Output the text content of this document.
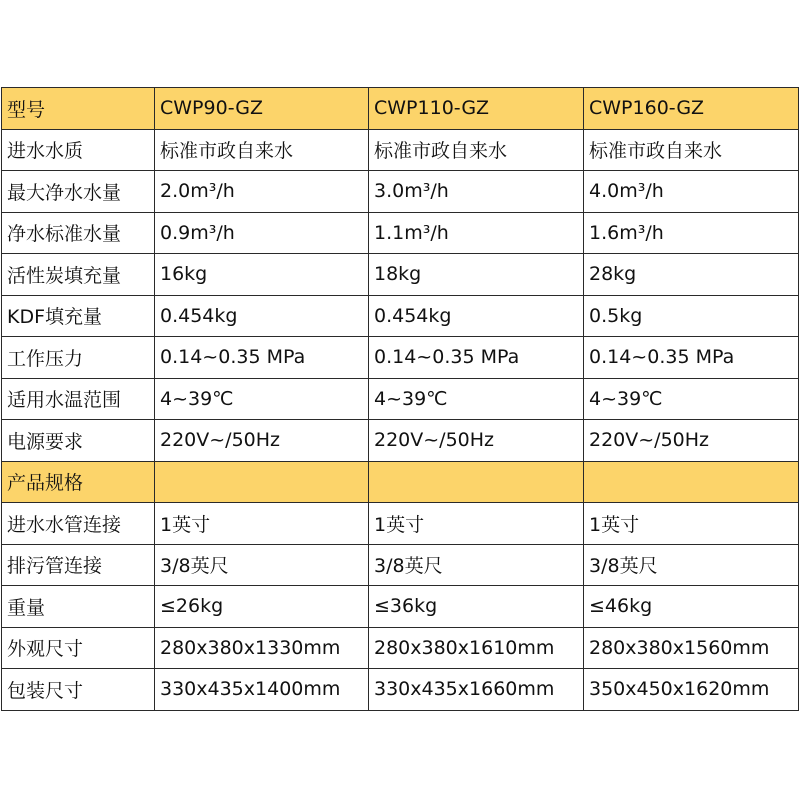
型号	CWP90-GZ	CWP110-GZ	CWP160-GZ
进水水质	标准市政自来水	标准市政自来水	标准市政自来水
最大净水水量	2.0m³/h	3.0m³/h	4.0m³/h
净水标准水量	0.9m³/h	1.1m³/h	1.6m³/h
活性炭填充量	16kg	18kg	28kg
KDF填充量	0.454kg	0.454kg	0.5kg
工作压力	0.14~0.35 MPa	0.14~0.35 MPa	0.14~0.35 MPa
适用水温范围	4~39℃	4~39℃	4~39℃
电源要求	220V~/50Hz	220V~/50Hz	220V~/50Hz
产品规格			
进水水管连接	1英寸	1英寸	1英寸
排污管连接	3/8英尺	3/8英尺	3/8英尺
重量	≤26kg	≤36kg	≤46kg
外观尺寸	280x380x1330mm	280x380x1610mm	280x380x1560mm
包装尺寸	330x435x1400mm	330x435x1660mm	350x450x1620mm
